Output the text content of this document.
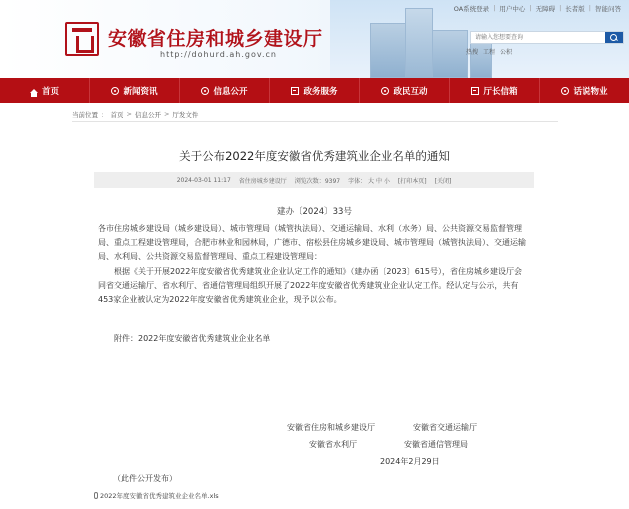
安徽省住房和城乡建设厅
http://dohurd.ah.gov.cn
OA系统登录 | 用户中心 | 无障碍 | 长者版 | 智能问答
请输入您想要查询
热搜 工程 公积
首页	新闻资讯	信息公开	政务服务	政民互动	厅长信箱	话说物业
当前位置 ： 首页 > 信息公开 > 厅发文件
关于公布2022年度安徽省优秀建筑业企业名单的通知
2024-03-01 11:17 省住房城乡建设厅 浏览次数：9397 字体： 大 中 小 [打印本页] [关闭]
建办〔2024〕33号

各市住房城乡建设局（城乡建设局）、城市管理局（城管执法局）、交通运输局、水利（水务）局、公共资源交易监督管理局、重点工程建设管理局，合肥市林业和园林局，广德市、宿松县住房城乡建设局、城市管理局（城管执法局）、交通运输局、水利局、公共资源交易监督管理局、重点工程建设管理局：

根据《关于开展2022年度安徽省优秀建筑业企业认定工作的通知》（建办函〔2023〕615号），省住房城乡建设厅会同省交通运输厅、省水利厅、省通信管理局组织开展了2022年度安徽省优秀建筑业企业认定工作。经认定与公示，共有453家企业被认定为2022年度安徽省优秀建筑业企业，现予以公布。

附件：2022年度安徽省优秀建筑业企业名单

安徽省住房和城乡建设厅	安徽省交通运输厅
安徽省水利厅	安徽省通信管理局
2024年2月29日
（此件公开发布）
2022年度安徽省优秀建筑业企业名单.xls
